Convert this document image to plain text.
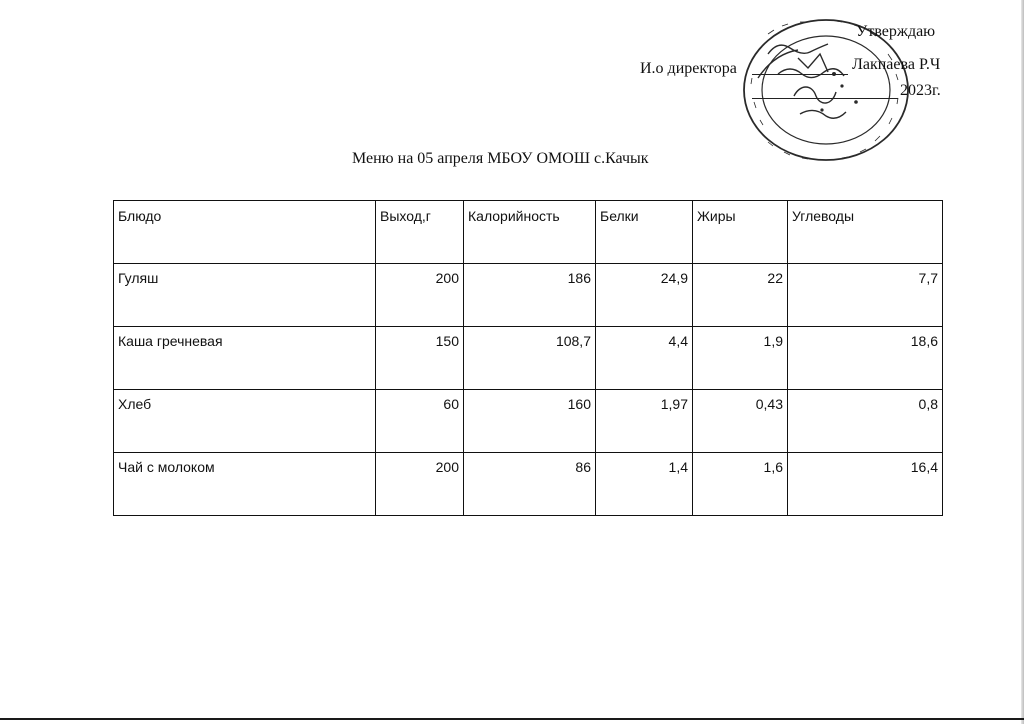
Утверждаю
И.о директора	Лакпаева Р.Ч
2023г.
Меню на 05 апреля МБОУ ОМОШ с.Качык
Блюдо	Выход,г	Калорийность	Белки	Жиры	Углеводы
Гуляш	200	186	24,9	22	7,7
Каша гречневая	150	108,7	4,4	1,9	18,6
Хлеб	60	160	1,97	0,43	0,8
Чай с молоком	200	86	1,4	1,6	16,4
